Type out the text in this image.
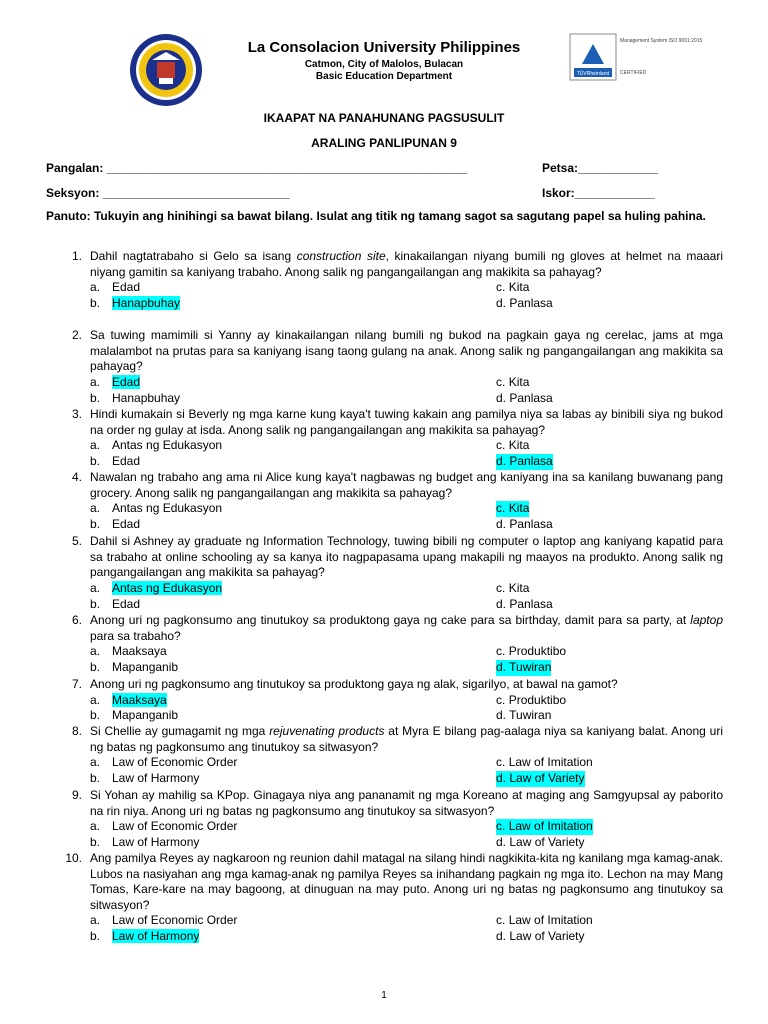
TÜVRheinland
Management System ISO 9001:2015
CERTIFIED
La Consolacion University Philippines
Catmon, City of Malolos, Bulacan
Basic Education Department
IKAAPAT NA PANAHUNANG PAGSUSULIT
ARALING PANLIPUNAN 9
Pangalan: ______________________________________________________	Petsa:____________
Seksyon: ____________________________	Iskor:____________
Panuto: Tukuyin ang hinihingi sa bawat bilang. Isulat ang titik ng tamang sagot sa sagutang papel sa huling pahina.
1. Dahil nagtatrabaho si Gelo sa isang construction site, kinakailangan niyang bumili ng gloves at helmet na maaari niyang gamitin sa kaniyang trabaho. Anong salik ng pangangailangan ang makikita sa pahayag?
a. Edad	c. Kita
b. Hanapbuhay	d. Panlasa
2. Sa tuwing mamimili si Yanny ay kinakailangan nilang bumili ng bukod na pagkain gaya ng cerelac, jams at mga malalambot na prutas para sa kaniyang isang taong gulang na anak. Anong salik ng pangangailangan ang makikita sa pahayag?
a. Edad	c. Kita
b. Hanapbuhay	d. Panlasa
3. Hindi kumakain si Beverly ng mga karne kung kaya't tuwing kakain ang pamilya niya sa labas ay binibili siya ng bukod na order ng gulay at isda. Anong salik ng pangangailangan ang makikita sa pahayag?
a. Antas ng Edukasyon	c. Kita
b. Edad	d. Panlasa
4. Nawalan ng trabaho ang ama ni Alice kung kaya't nagbawas ng budget ang kaniyang ina sa kanilang buwanang pang grocery. Anong salik ng pangangailangan ang makikita sa pahayag?
a. Antas ng Edukasyon	c. Kita
b. Edad	d. Panlasa
5. Dahil si Ashney ay graduate ng Information Technology, tuwing bibili ng computer o laptop ang kaniyang kapatid para sa trabaho at online schooling ay sa kanya ito nagpapasama upang makapili ng maayos na produkto. Anong salik ng pangangailangan ang makikita sa pahayag?
a. Antas ng Edukasyon	c. Kita
b. Edad	d. Panlasa
6. Anong uri ng pagkonsumo ang tinutukoy sa produktong gaya ng cake para sa birthday, damit para sa party, at laptop para sa trabaho?
a. Maaksaya	c. Produktibo
b. Mapanganib	d. Tuwiran
7. Anong uri ng pagkonsumo ang tinutukoy sa produktong gaya ng alak, sigarilyo, at bawal na gamot?
a. Maaksaya	c. Produktibo
b. Mapanganib	d. Tuwiran
8. Si Chellie ay gumagamit ng mga rejuvenating products at Myra E bilang pag-aalaga niya sa kaniyang balat. Anong uri ng batas ng pagkonsumo ang tinutukoy sa sitwasyon?
a. Law of Economic Order	c. Law of Imitation
b. Law of Harmony	d. Law of Variety
9. Si Yohan ay mahilig sa KPop. Ginagaya niya ang pananamit ng mga Koreano at maging ang Samgyupsal ay paborito na rin niya. Anong uri ng batas ng pagkonsumo ang tinutukoy sa sitwasyon?
a. Law of Economic Order	c. Law of Imitation
b. Law of Harmony	d. Law of Variety
10. Ang pamilya Reyes ay nagkaroon ng reunion dahil matagal na silang hindi nagkikita-kita ng kanilang mga kamag-anak. Lubos na nasiyahan ang mga kamag-anak ng pamilya Reyes sa inihandang pagkain ng mga ito. Lechon na may Mang Tomas, Kare-kare na may bagoong, at dinuguan na may puto. Anong uri ng batas ng pagkonsumo ang tinutukoy sa sitwasyon?
a. Law of Economic Order	c. Law of Imitation
b. Law of Harmony	d. Law of Variety
1
